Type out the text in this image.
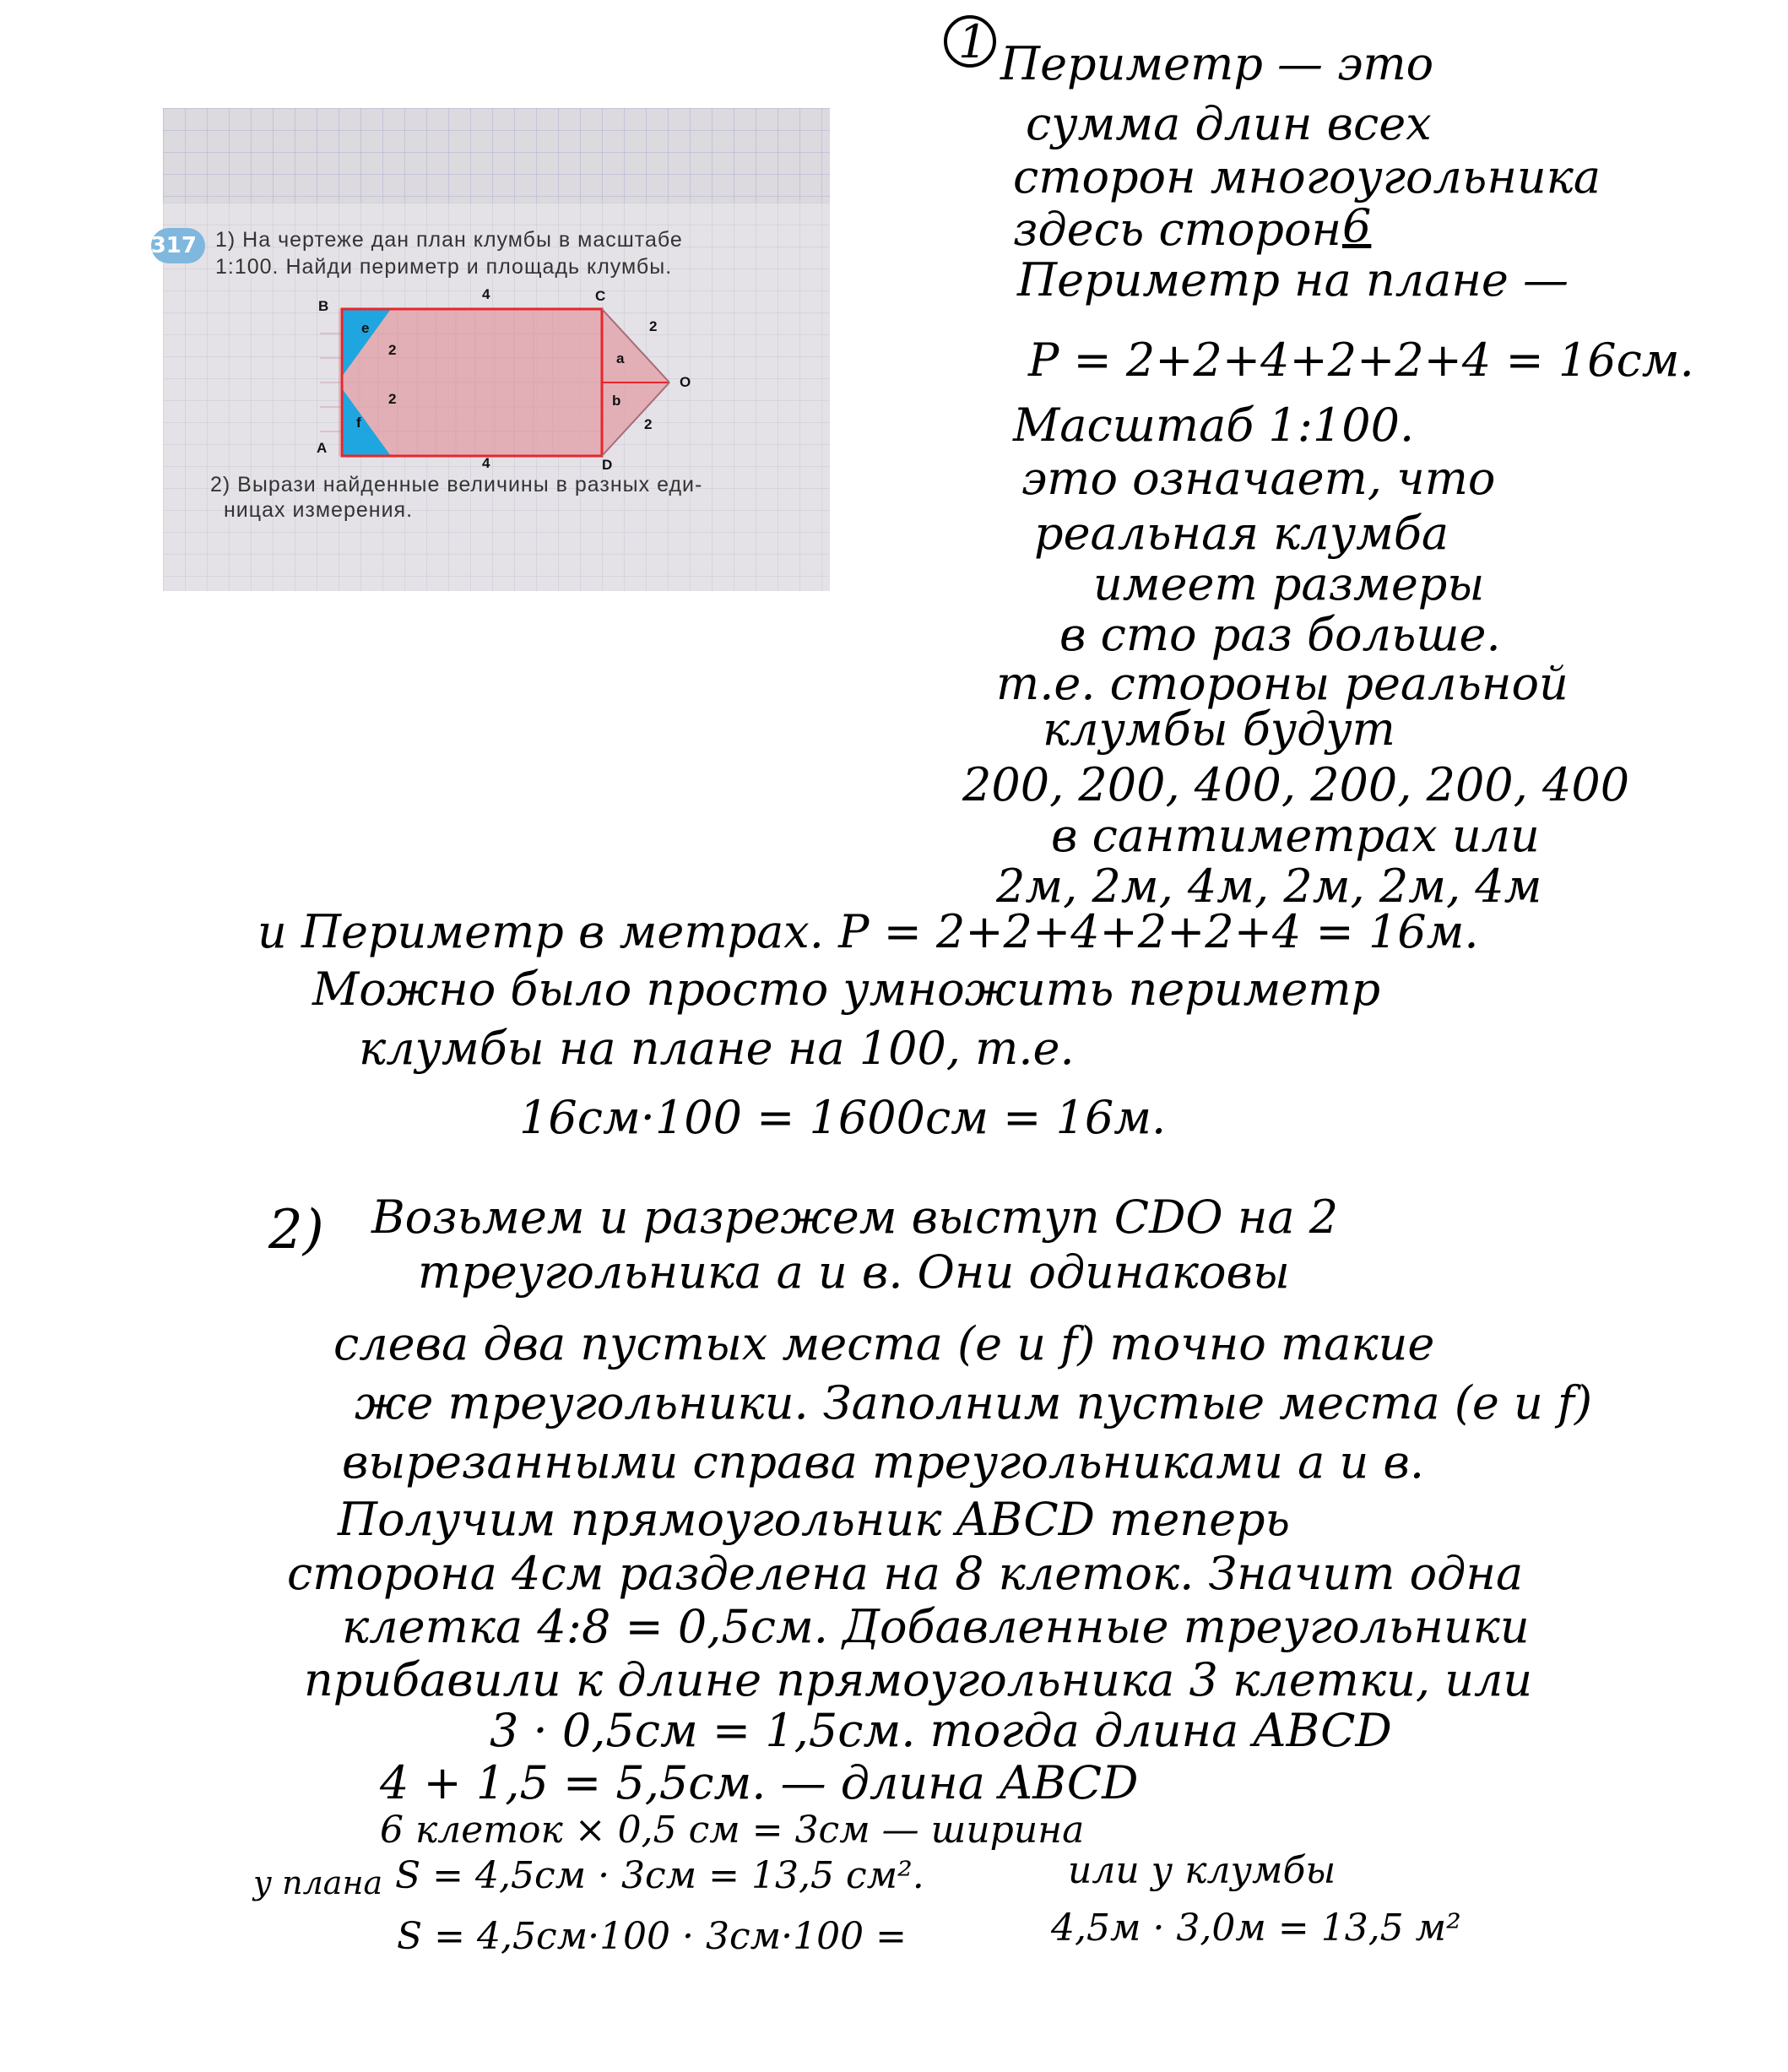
317 1) На чертеже дан план клумбы в масштабе
1:100. Найди периметр и площадь клумбы.
B
C
A
D
O
e
f
a
b
4
4
2
2
2
2
2) Вырази найденные величины в разных еди-
ницах измерения.
1 Периметр — это
сумма длин всех
сторон многоугольника
здесь сторон 6
Периметр на плане —
P = 2+2+4+2+2+4 = 16см.
Масштаб 1:100.
это означает, что
реальная клумба
имеет размеры
в сто раз больше.
т.е. стороны реальной
клумбы будут
200, 200, 400, 200, 200, 400
в сантиметрах или
2м, 2м, 4м, 2м, 2м, 4м
и Периметр в метрах. P = 2+2+4+2+2+4 = 16м.
Можно было просто умножить периметр
клумбы на плане на 100, т.е.
16см·100 = 1600см = 16м.
2) Возьмем и разрежем выступ CDO на 2
треугольника a и в. Они одинаковы
слева два пустых места (e и f) точно такие
же треугольники. Заполним пустые места (e и f)
вырезанными справа треугольниками a и в.
Получим прямоугольник ABCD теперь
сторона 4см разделена на 8 клеток. Значит одна
клетка 4:8 = 0,5см. Добавленные треугольники
прибавили к длине прямоугольника 3 клетки, или
3 · 0,5см = 1,5см. тогда длина ABCD
4 + 1,5 = 5,5см. — длина ABCD
6 клеток × 0,5 см = 3см — ширина
у плана S = 4,5см · 3см = 13,5 см².	или у клумбы
S = 4,5см·100 · 3см·100 =	4,5м · 3,0м = 13,5 м²
